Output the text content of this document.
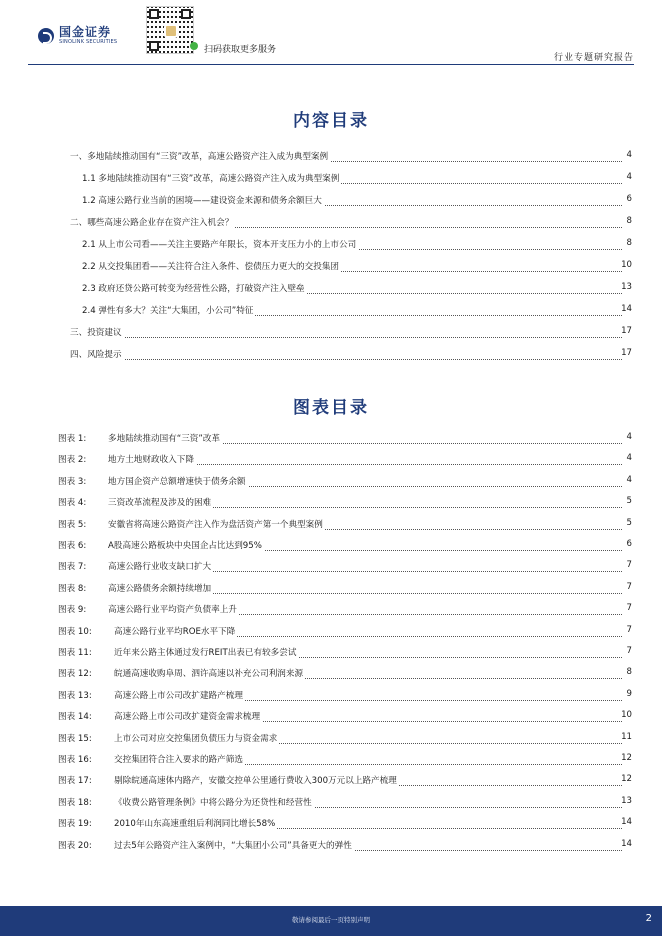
国金证券
SINOLINK SECURITIES
扫码获取更多服务
行业专题研究报告
内容目录
一、多地陆续推动国有“三资”改革，高速公路资产注入成为典型案例	4
1.1 多地陆续推动国有“三资”改革，高速公路资产注入成为典型案例	4
1.2 高速公路行业当前的困境——建设资金来源和债务余额巨大	6
二、哪些高速公路企业存在资产注入机会？	8
2.1 从上市公司看——关注主要路产年限长，资本开支压力小的上市公司	8
2.2 从交投集团看——关注符合注入条件、偿债压力更大的交投集团	10
2.3 政府还贷公路可转变为经营性公路，打破资产注入壁垒	13
2.4 弹性有多大？关注“大集团，小公司”特征	14
三、投资建议	17
四、风险提示	17
图表目录
图表 1:	多地陆续推动国有“三资”改革	4
图表 2:	地方土地财政收入下降	4
图表 3:	地方国企资产总额增速快于债务余额	4
图表 4:	三资改革流程及涉及的困难	5
图表 5:	安徽省将高速公路资产注入作为盘活资产第一个典型案例	5
图表 6:	A股高速公路板块中央国企占比达到95%	6
图表 7:	高速公路行业收支缺口扩大	7
图表 8:	高速公路债务余额持续增加	7
图表 9:	高速公路行业平均资产负债率上升	7
图表 10:	高速公路行业平均ROE水平下降	7
图表 11:	近年来公路主体通过发行REIT出表已有较多尝试	7
图表 12:	皖通高速收购阜周、泗许高速以补充公司利润来源	8
图表 13:	高速公路上市公司改扩建路产梳理	9
图表 14:	高速公路上市公司改扩建资金需求梳理	10
图表 15:	上市公司对应交控集团负债压力与资金需求	11
图表 16:	交控集团符合注入要求的路产筛选	12
图表 17:	剔除皖通高速体内路产，安徽交控单公里通行费收入300万元以上路产梳理	12
图表 18:	《收费公路管理条例》中将公路分为还贷性和经营性	13
图表 19:	2010年山东高速重组后利润同比增长58%	14
图表 20:	过去5年公路资产注入案例中，“大集团小公司”具备更大的弹性	14
敬请参阅最后一页特别声明	2
